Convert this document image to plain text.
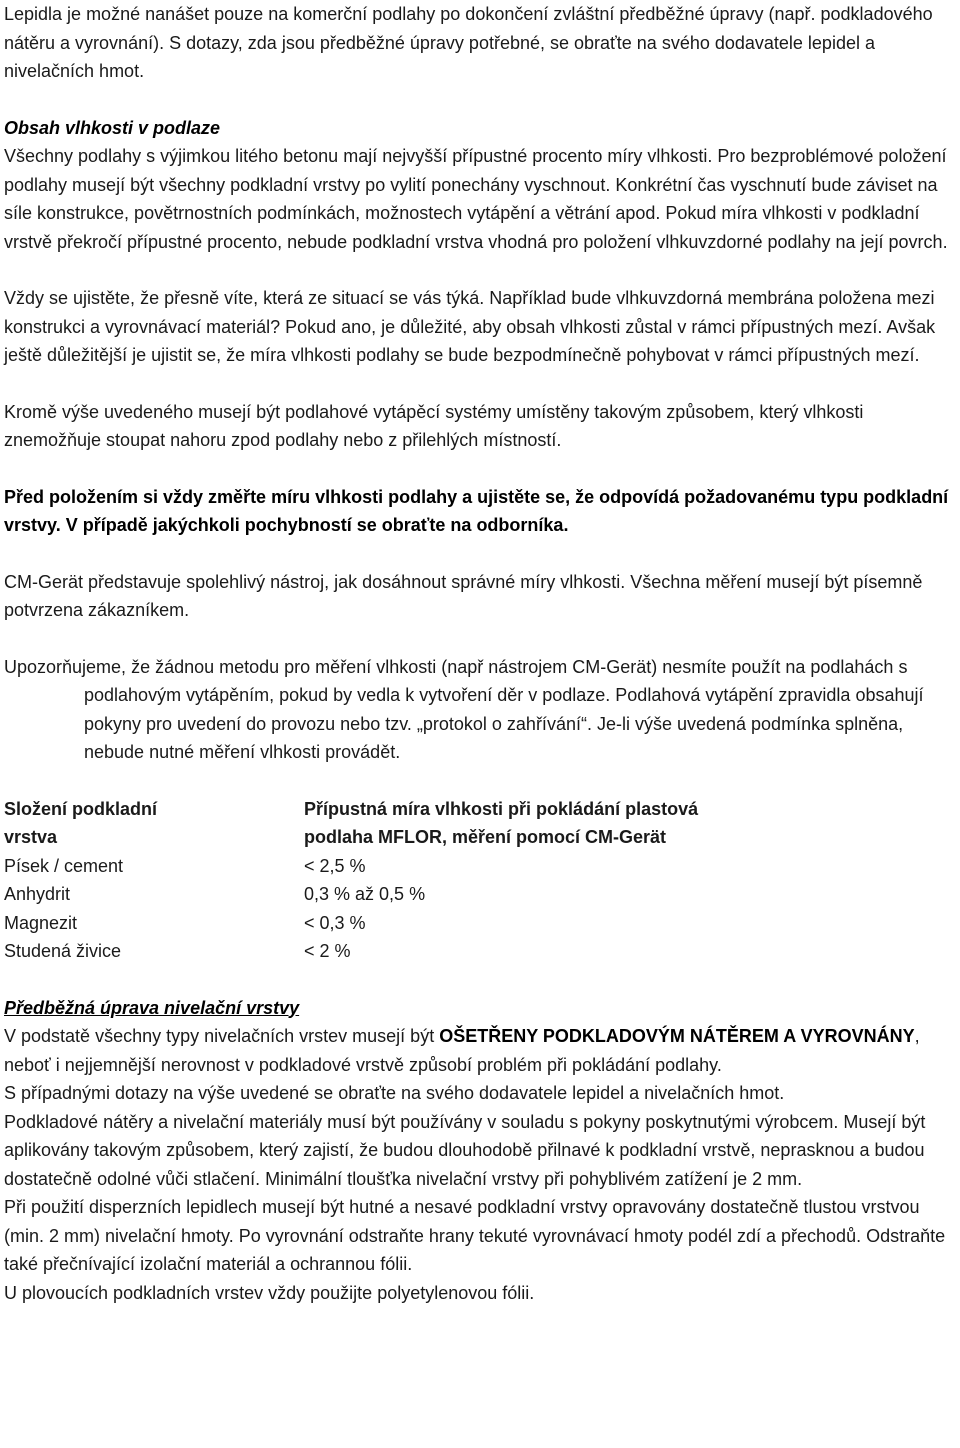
Lepidla je možné nanášet pouze na komerční podlahy po dokončení zvláštní předběžné úpravy (např. podkladového nátěru a vyrovnání). S dotazy, zda jsou předběžné úpravy potřebné, se obraťte na svého dodavatele lepidel a nivelačních hmot.

Obsah vlhkosti v podlaze

Všechny podlahy s výjimkou litého betonu mají nejvyšší přípustné procento míry vlhkosti. Pro bezproblémové položení podlahy musejí být všechny podkladní vrstvy po vylití ponechány vyschnout. Konkrétní čas vyschnutí bude záviset na síle konstrukce, povětrnostních podmínkách, možnostech vytápění a větrání apod. Pokud míra vlhkosti v podkladní vrstvě překročí přípustné procento, nebude podkladní vrstva vhodná pro položení vlhkuvzdorné podlahy na její povrch.

Vždy se ujistěte, že přesně víte, která ze situací se vás týká. Například bude vlhkuvzdorná membrána položena mezi konstrukci a vyrovnávací materiál? Pokud ano, je důležité, aby obsah vlhkosti zůstal v rámci přípustných mezí. Avšak ještě důležitější je ujistit se, že míra vlhkosti podlahy se bude bezpodmínečně pohybovat v rámci přípustných mezí.

Kromě výše uvedeného musejí být podlahové vytápěcí systémy umístěny takovým způsobem, který vlhkosti znemožňuje stoupat nahoru zpod podlahy nebo z přilehlých místností.

Před položením si vždy změřte míru vlhkosti podlahy a ujistěte se, že odpovídá požadovanému typu podkladní vrstvy. V případě jakýchkoli pochybností se obraťte na odborníka.

CM-Gerät představuje spolehlivý nástroj, jak dosáhnout správné míry vlhkosti. Všechna měření musejí být písemně potvrzena zákazníkem.

Upozorňujeme, že žádnou metodu pro měření vlhkosti (např nástrojem CM-Gerät) nesmíte použít na podlahách s podlahovým vytápěním, pokud by vedla k vytvoření děr v podlaze. Podlahová vytápění zpravidla obsahují pokyny pro uvedení do provozu nebo tzv. „protokol o zahřívání“. Je-li výše uvedená podmínka splněna, nebude nutné měření vlhkosti provádět.

Složení podkladní vrstva	Přípustná míra vlhkosti při pokládání plastová podlaha MFLOR, měření pomocí CM-Gerät

Písek / cement	< 2,5 %
Anhydrit	0,3 % až 0,5 %
Magnezit	< 0,3 %
Studená živice	< 2 %

Předběžná úprava nivelační vrstvy

V podstatě všechny typy nivelačních vrstev musejí být OŠETŘENY PODKLADOVÝM NÁTĚREM A VYROVNÁNY, neboť i nejjemnější nerovnost v podkladové vrstvě způsobí problém při pokládání podlahy.

S případnými dotazy na výše uvedené se obraťte na svého dodavatele lepidel a nivelačních hmot.

Podkladové nátěry a nivelační materiály musí být používány v souladu s pokyny poskytnutými výrobcem. Musejí být aplikovány takovým způsobem, který zajistí, že budou dlouhodobě přilnavé k podkladní vrstvě, neprasknou a budou dostatečně odolné vůči stlačení. Minimální tloušťka nivelační vrstvy při pohyblivém zatížení je 2 mm.

Při použití disperzních lepidlech musejí být hutné a nesavé podkladní vrstvy opravovány dostatečně tlustou vrstvou (min. 2 mm) nivelační hmoty. Po vyrovnání odstraňte hrany tekuté vyrovnávací hmoty podél zdí a přechodů. Odstraňte také přečnívající izolační materiál a ochrannou fólii.

U plovoucích podkladních vrstev vždy použijte polyetylenovou fólii.
